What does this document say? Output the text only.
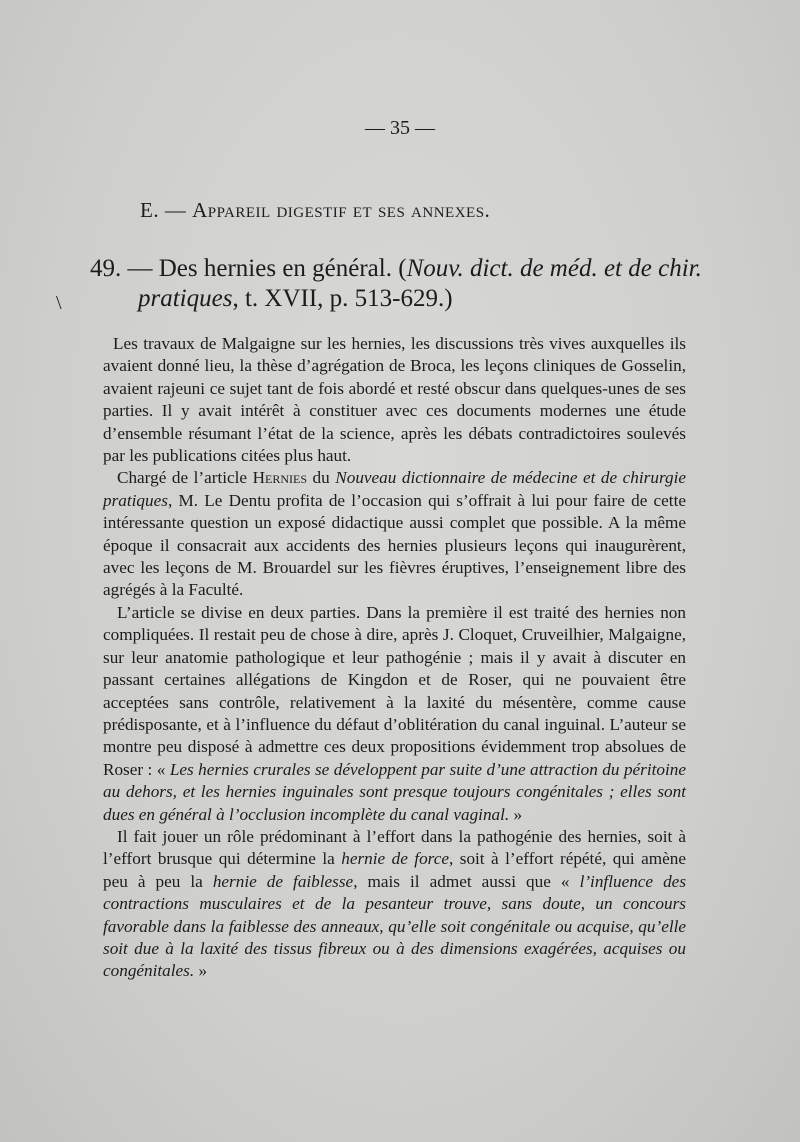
— 35 —
E. — Appareil digestif et ses annexes.
\
49. — Des hernies en général. (Nouv. dict. de méd. et de chir.
pratiques, t. XVII, p. 513-629.)

Les travaux de Malgaigne sur les hernies, les discussions très vives auxquelles ils avaient donné lieu, la thèse d’agrégation de Broca, les leçons cliniques de Gosselin, avaient rajeuni ce sujet tant de fois abordé et resté obscur dans quelques-unes de ses parties. Il y avait intérêt à constituer avec ces documents modernes une étude d’ensemble résumant l’état de la science, après les débats contradictoires soulevés par les publications citées plus haut.

Chargé de l’article Hernies du Nouveau dictionnaire de médecine et de chirurgie pratiques, M. Le Dentu profita de l’occasion qui s’offrait à lui pour faire de cette intéressante question un exposé didactique aussi complet que possible. A la même époque il consacrait aux accidents des hernies plusieurs leçons qui inaugurèrent, avec les leçons de M. Brouardel sur les fièvres éruptives, l’enseignement libre des agrégés à la Faculté.

L’article se divise en deux parties. Dans la première il est traité des hernies non compliquées. Il restait peu de chose à dire, après J. Cloquet, Cruveilhier, Malgaigne, sur leur anatomie pathologique et leur pathogénie ; mais il y avait à discuter en passant certaines allégations de Kingdon et de Roser, qui ne pouvaient être acceptées sans contrôle, relativement à la laxité du mésentère, comme cause prédisposante, et à l’influence du défaut d’oblitération du canal inguinal. L’auteur se montre peu disposé à admettre ces deux propositions évidemment trop absolues de Roser : « Les hernies crurales se développent par suite d’une attraction du péritoine au dehors, et les hernies inguinales sont presque toujours congénitales ; elles sont dues en général à l’occlusion incomplète du canal vaginal. »

Il fait jouer un rôle prédominant à l’effort dans la pathogénie des hernies, soit à l’effort brusque qui détermine la hernie de force, soit à l’effort répété, qui amène peu à peu la hernie de faiblesse, mais il admet aussi que « l’influence des contractions musculaires et de la pesanteur trouve, sans doute, un concours favorable dans la faiblesse des anneaux, qu’elle soit congénitale ou acquise, qu’elle soit due à la laxité des tissus fibreux ou à des dimensions exagérées, acquises ou congénitales. »
